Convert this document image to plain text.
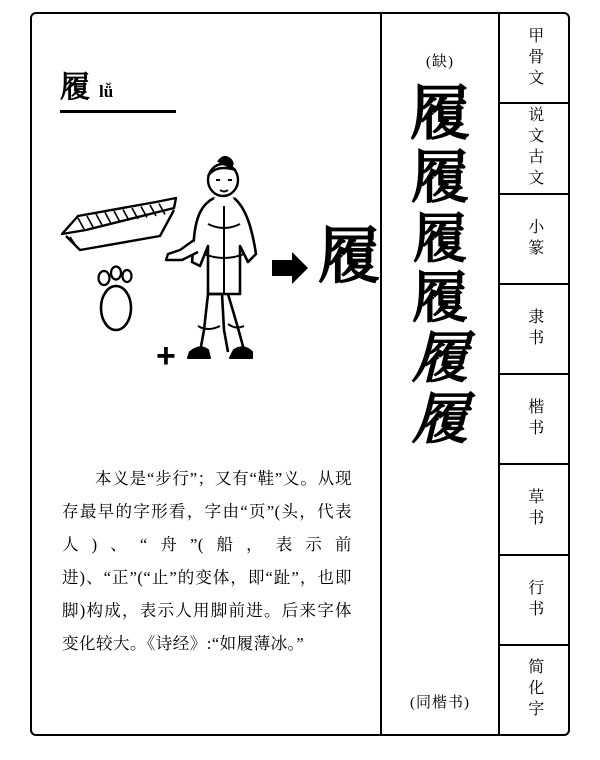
履 lǚ
+
履
本义是“步行”；又有“鞋”义。从现存最早的字形看，字由“页”(头，代表人)、“舟”(船，表示前进)、“正”(“止”的变体，即“趾”，也即脚)构成，表示人用脚前进。后来字体变化较大。《诗经》:“如履薄冰。”
(缺)
履
履
履
履
履
履
(同楷书)
甲骨文
说文古文
小篆
隶书
楷书
草书
行书
简化字
